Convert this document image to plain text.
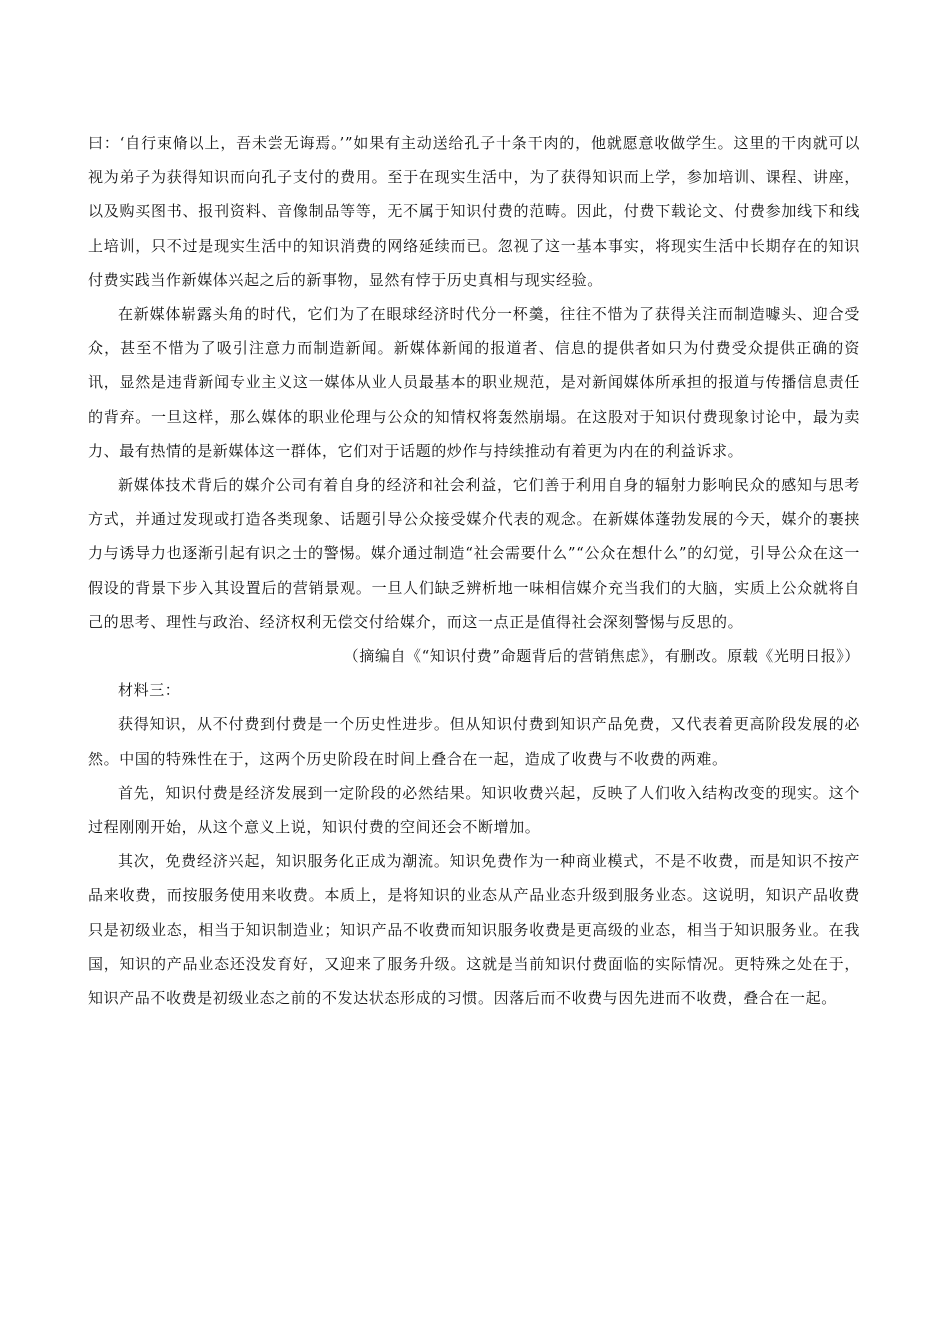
曰：‘自行束脩以上，吾未尝无诲焉。’”如果有主动送给孔子十条干肉的，他就愿意收做学生。这里的干肉就可以视为弟子为获得知识而向孔子支付的费用。至于在现实生活中，为了获得知识而上学，参加培训、课程、讲座，以及购买图书、报刊资料、音像制品等等，无不属于知识付费的范畴。因此，付费下载论文、付费参加线下和线上培训，只不过是现实生活中的知识消费的网络延续而已。忽视了这一基本事实，将现实生活中长期存在的知识付费实践当作新媒体兴起之后的新事物，显然有悖于历史真相与现实经验。

在新媒体崭露头角的时代，它们为了在眼球经济时代分一杯羹，往往不惜为了获得关注而制造噱头、迎合受众，甚至不惜为了吸引注意力而制造新闻。新媒体新闻的报道者、信息的提供者如只为付费受众提供正确的资讯，显然是违背新闻专业主义这一媒体从业人员最基本的职业规范，是对新闻媒体所承担的报道与传播信息责任的背弃。一旦这样，那么媒体的职业伦理与公众的知情权将轰然崩塌。在这股对于知识付费现象讨论中，最为卖力、最有热情的是新媒体这一群体，它们对于话题的炒作与持续推动有着更为内在的利益诉求。

新媒体技术背后的媒介公司有着自身的经济和社会利益，它们善于利用自身的辐射力影响民众的感知与思考方式，并通过发现或打造各类现象、话题引导公众接受媒介代表的观念。在新媒体蓬勃发展的今天，媒介的裹挟力与诱导力也逐渐引起有识之士的警惕。媒介通过制造“社会需要什么”“公众在想什么”的幻觉，引导公众在这一假设的背景下步入其设置后的营销景观。一旦人们缺乏辨析地一味相信媒介充当我们的大脑，实质上公众就将自己的思考、理性与政治、经济权利无偿交付给媒介，而这一点正是值得社会深刻警惕与反思的。

（摘编自《“知识付费”命题背后的营销焦虑》，有删改。原载《光明日报》）

材料三：

获得知识，从不付费到付费是一个历史性进步。但从知识付费到知识产品免费，又代表着更高阶段发展的必然。中国的特殊性在于，这两个历史阶段在时间上叠合在一起，造成了收费与不收费的两难。

首先，知识付费是经济发展到一定阶段的必然结果。知识收费兴起，反映了人们收入结构改变的现实。这个过程刚刚开始，从这个意义上说，知识付费的空间还会不断增加。

其次，免费经济兴起，知识服务化正成为潮流。知识免费作为一种商业模式，不是不收费，而是知识不按产品来收费，而按服务使用来收费。本质上，是将知识的业态从产品业态升级到服务业态。这说明，知识产品收费只是初级业态，相当于知识制造业；知识产品不收费而知识服务收费是更高级的业态，相当于知识服务业。在我国，知识的产品业态还没发育好，又迎来了服务升级。这就是当前知识付费面临的实际情况。更特殊之处在于，知识产品不收费是初级业态之前的不发达状态形成的习惯。因落后而不收费与因先进而不收费，叠合在一起。
